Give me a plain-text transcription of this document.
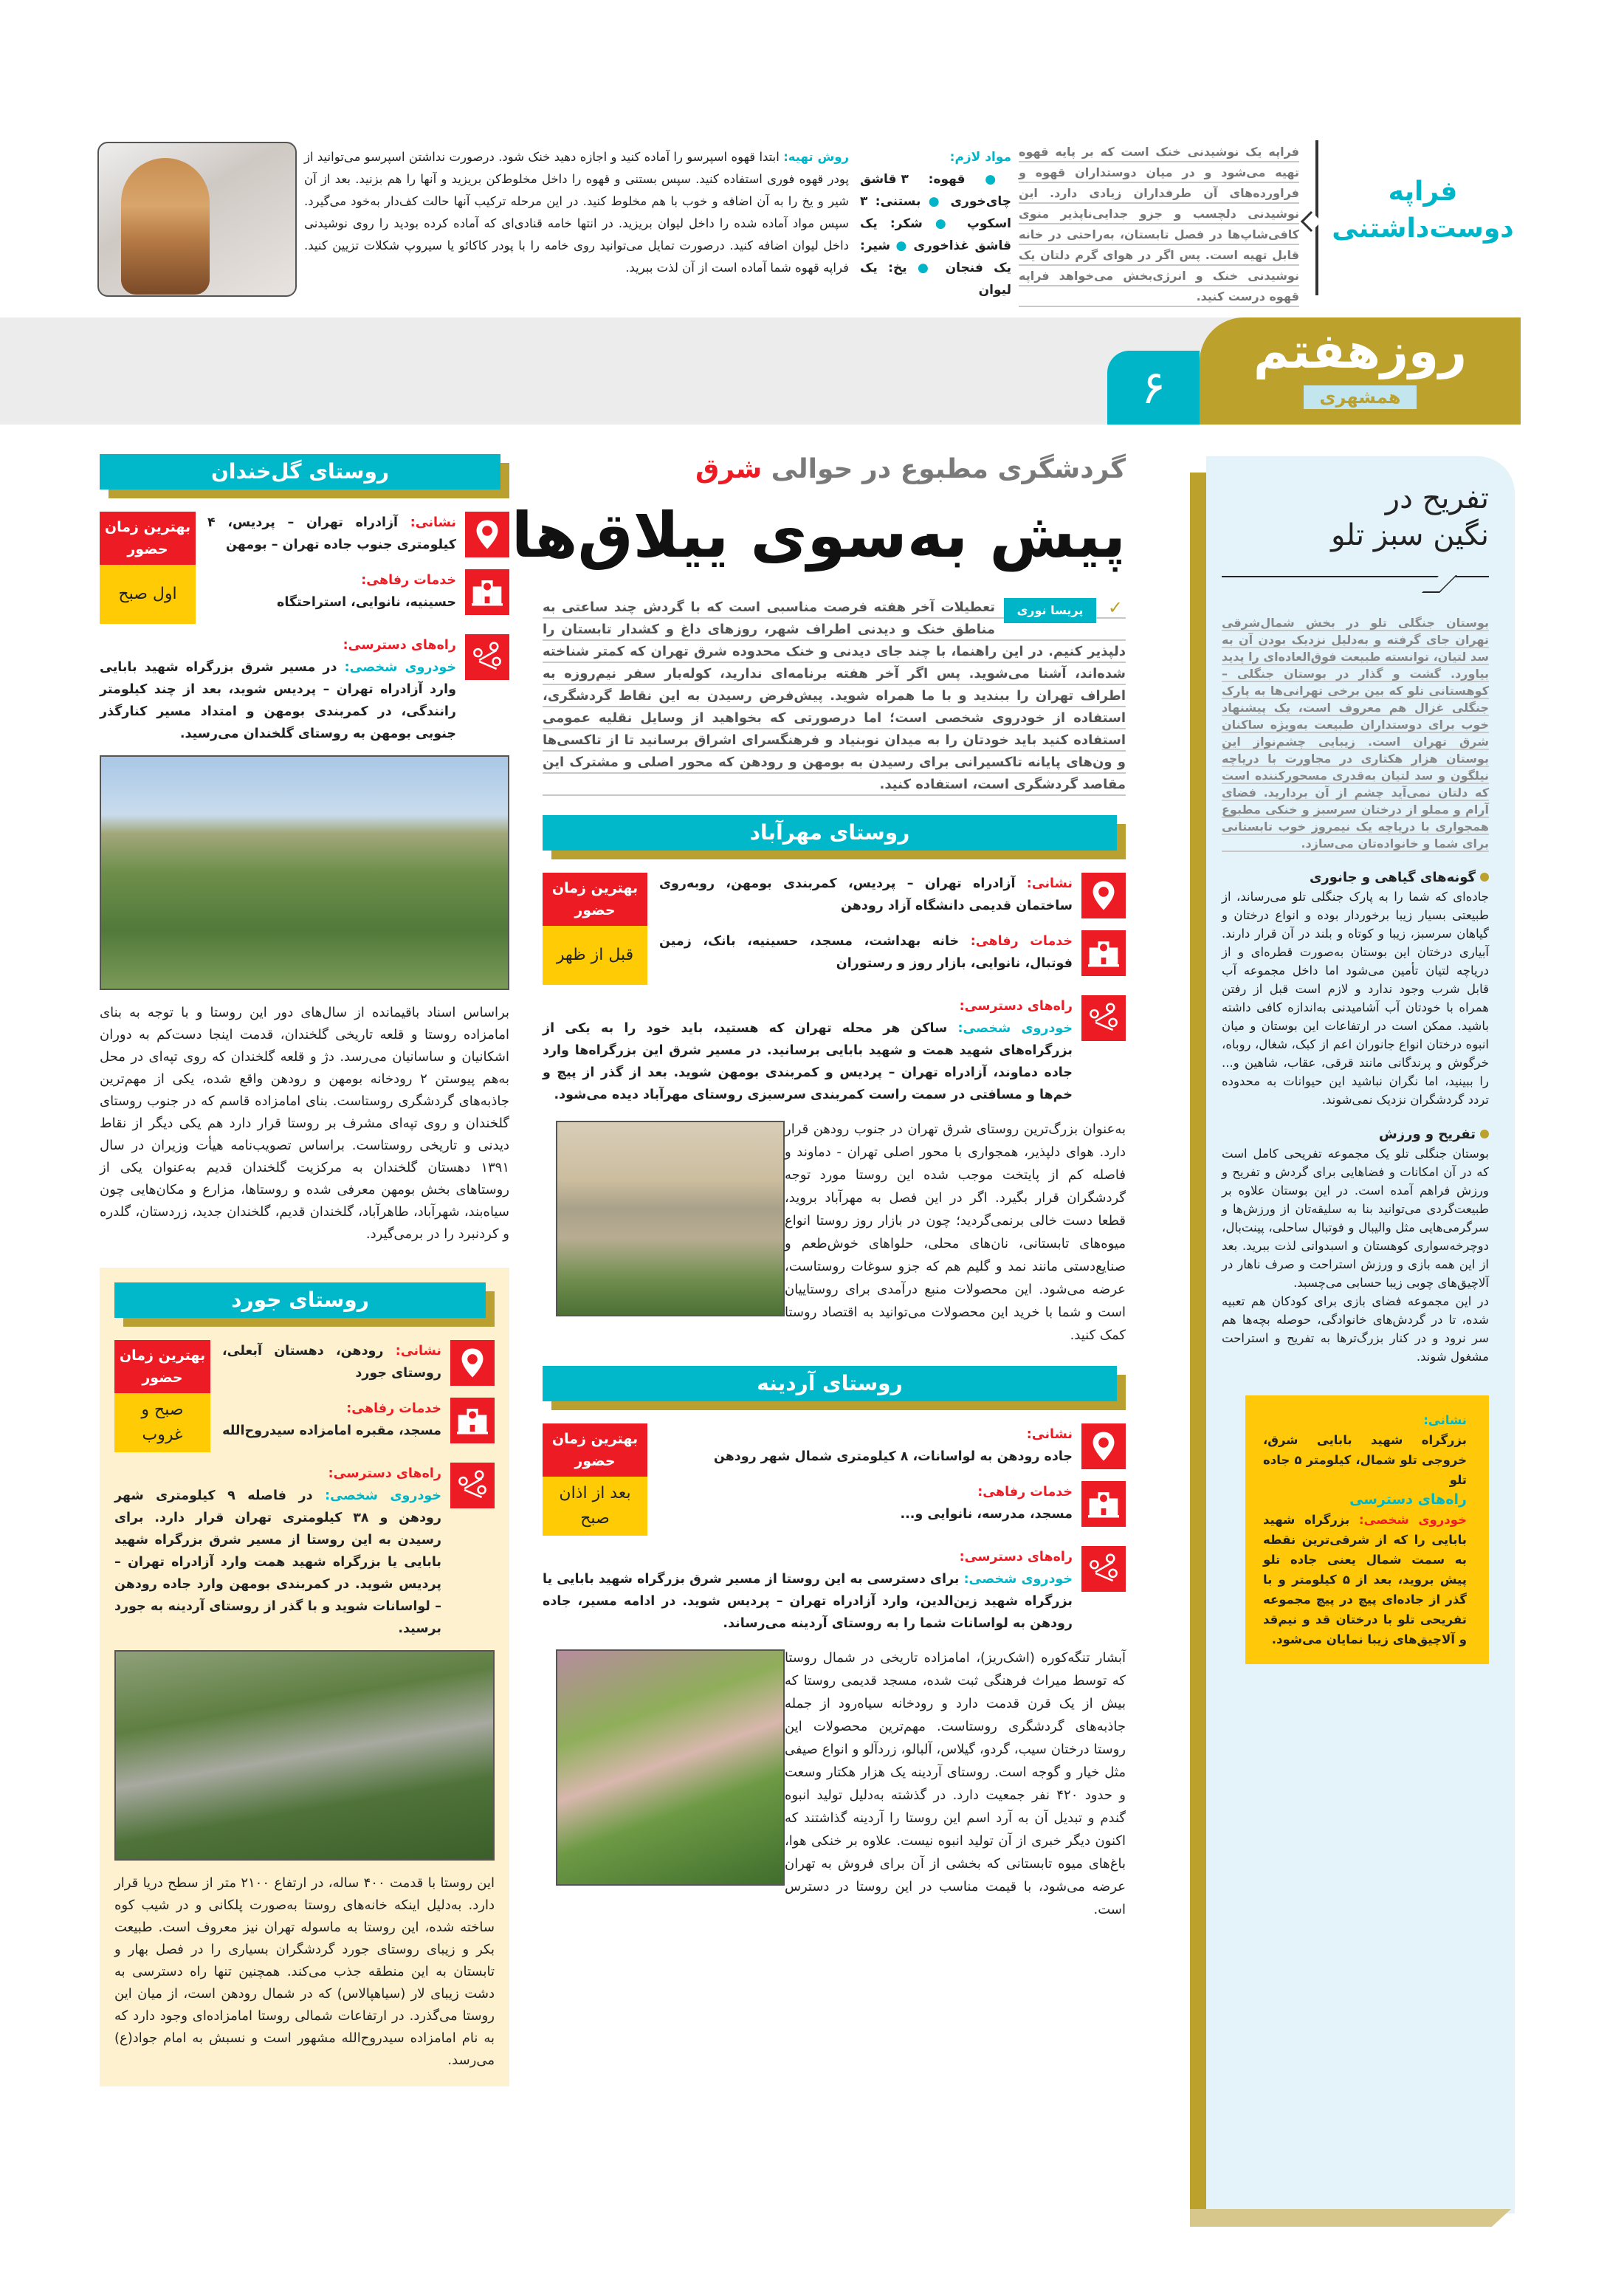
فراپه
دوست‌داشتنی

فراپه یک نوشیدنی خنک است که بر پایه قهوه تهیه می‌شود و در میان دوستداران قهوه و فراورده‌های آن طرفداران زیادی دارد. این نوشیدنی دلچسب و جزو جدایی‌ناپذیر منوی کافی‌شاپ‌ها در فصل تابستان، به‌راحتی در خانه قابل تهیه است. پس اگر در هوای گرم دلتان یک نوشیدنی خنک و انرژی‌بخش می‌خواهد فراپه قهوه درست کنید.

مواد لازم:
● قهوه: ۳ قاشق چای‌خوری ● بستنی: ۳ اسکوپ ● شکر: یک قاشق غذاخوری ● شیر: یک فنجان ● یخ: یک لیوان

روش تهیه: ابتدا قهوه اسپرسو را آماده کنید و اجازه دهید خنک شود. درصورت نداشتن اسپرسو می‌توانید از پودر قهوه فوری استفاده کنید. سپس بستنی و قهوه را داخل مخلوط‌کن بریزید و آنها را هم بزنید. بعد از آن شیر و یخ را به آن اضافه و خوب با هم مخلوط کنید. در این مرحله ترکیب آنها حالت کف‌دار به‌خود می‌گیرد. سپس مواد آماده شده را داخل لیوان بریزید. در انتها خامه قنادی‌ای که آماده کرده بودید را روی نوشیدنی داخل لیوان اضافه کنید. درصورت تمایل می‌توانید روی خامه را با پودر کاکائو یا سیروپ شکلات تزیین کنید. فراپه قهوه شما آماده است از آن لذت ببرید.

۶
روزهفتم
همشهری
تفریح در
نگین سبز تلو

بوستان جنگلی تلو در بخش شمال‌شرقی تهران جای گرفته و به‌دلیل نزدیک بودن آن به سد لتیان، توانسته طبیعت فوق‌العاده‌ای را پدید بیاورد. گشت و گذار در بوستان جنگلی – کوهستانی تلو که بین برخی تهرانی‌ها به پارک جنگلی غزال هم معروف است، یک پیشنهاد خوب برای دوستداران طبیعت به‌ویژه ساکنان شرق تهران است. زیبایی چشم‌نواز این بوستان هزار هکتاری در مجاورت با دریاچه نیلگون و سد لتیان به‌قدری مسحورکننده است که دلتان نمی‌آید چشم از آن بردارید. فضای آرام و مملو از درختان سرسبز و خنکی مطبوع همجواری با دریاچه یک نیمروز خوب تابستانی برای شما و خانواده‌تان می‌سازد.

گونه‌های گیاهی و جانوری

جاده‌ای که شما را به پارک جنگلی تلو می‌رساند، از طبیعتی بسیار زیبا برخوردار بوده و انواع درختان و گیاهان سرسبز، زیبا و کوتاه و بلند در آن قرار دارند. آبیاری درختان این بوستان به‌صورت قطره‌ای و از دریاچه لتیان تأمین می‌شود اما داخل مجموعه آب قابل شرب وجود ندارد و لازم است قبل از رفتن همراه با خودتان آب آشامیدنی به‌اندازه کافی داشته باشید. ممکن است در ارتفاعات این بوستان و میان انبوه درختان انواع جانوران اعم از کبک، شغال، روباه، خرگوش و پرندگانی مانند قرقی، عقاب، شاهین و... را ببینید، اما نگران نباشید این حیوانات به محدوده تردد گردشگران نزدیک نمی‌شوند.

تفریح و ورزش

بوستان جنگلی تلو یک مجموعه تفریحی کامل است که در آن امکانات و فضاهایی برای گردش و تفریح و ورزش فراهم آمده است. در این بوستان علاوه بر طبیعت‌گردی می‌توانید بنا به سلیقه‌تان از ورزش‌ها و سرگرمی‌هایی مثل والیبال و فوتبال ساحلی، پینت‌بال، دوچرخه‌سواری کوهستان و اسبدوانی لذت ببرید. بعد از این همه بازی و ورزش استراحت و صرف ناهار در آلاچیق‌های چوبی زیبا حسابی می‌چسبد.

در این مجموعه فضای بازی برای کودکان هم تعبیه شده، تا در گردش‌های خانوادگی، حوصله بچه‌ها هم سر نرود و در کنار بزرگ‌ترها به تفریح و استراحت مشغول شوند.

نشانی:
بزرگراه شهید بابایی شرق، خروجی تلو شمال، کیلومتر ۵ جاده تلو
راه‌های دسترسی
خودروی شخصی: بزرگراه شهید بابایی را که از شرقی‌ترین نقطه به سمت شمال یعنی جاده تلو پیش بروید، بعد از ۵ کیلومتر و با گذر از جاده‌ای پیچ در پیچ مجموعه تفریحی تلو با درختان قد و نیم‌قد و آلاچیق‌های زیبا نمایان می‌شود.
گردشگری مطبوع در حوالی شرق
پیش به‌سوی ییلاق‌ها
✓
پریسا نوری
تعطیلات آخر هفته فرصت مناسبی است که با گردش چند ساعتی به مناطق خنک و دیدنی اطراف شهر، روزهای داغ و کشدار تابستان را دلپذیر کنیم. در این راهنما، با چند جای دیدنی و خنک محدوده شرق تهران که کمتر شناخته شده‌اند، آشنا می‌شوید. پس اگر آخر هفته برنامه‌ای ندارید، کوله‌بار سفر نیم‌روزه به اطراف تهران را ببندید و با ما همراه شوید. پیش‌فرض رسیدن به این نقاط گردشگری، استفاده از خودروی شخصی است؛ اما درصورتی که بخواهید از وسایل نقلیه عمومی استفاده کنید باید خودتان را به میدان نوبنیاد و فرهنگسرای اشراق برسانید تا از تاکسی‌ها و ون‌های پایانه تاکسیرانی برای رسیدن به بومهن و رودهن که محور اصلی و مشترک این مقاصد گردشگری است، استفاده کنید.
روستای مهرآباد

نشانی: آزادراه تهران – پردیس، کمربندی بومهن، روبه‌روی ساختمان قدیمی دانشگاه آزاد رودهن

خدمات رفاهی: خانه بهداشت، مسجد، حسینیه، بانک، زمین فوتبال، نانوایی، بازار روز و رستوران

بهترین زمان حضور
قبل از ظهر

راه‌های دسترسی:
خودروی شخصی: ساکن هر محله تهران که هستید، باید خود را به یکی از بزرگراه‌های شهید همت و شهید بابایی برسانید. در مسیر شرق این بزرگراه‌ها وارد جاده دماوند، آزادراه تهران – پردیس و کمربندی بومهن شوید. بعد از گذر از پیچ و خم‌ها و مسافتی در سمت راست کمربندی سرسبزی روستای مهرآباد دیده می‌شود.

به‌عنوان بزرگ‌ترین روستای شرق تهران در جنوب رودهن قرار دارد. هوای دلپذیر، همجواری با محور اصلی تهران - دماوند و فاصله کم از پایتخت موجب شده این روستا مورد توجه گردشگران قرار بگیرد. اگر در این فصل به مهرآباد بروید، قطعا دست خالی برنمی‌گردید؛ چون در بازار روز روستا انواع میوه‌های تابستانی، نان‌های محلی، حلواهای خوش‌طعم و صنایع‌دستی مانند نمد و گلیم هم که جزو سوغات روستاست، عرضه می‌شود. این محصولات منبع درآمدی برای روستاییان است و شما با خرید این محصولات می‌توانید به اقتصاد روستا کمک کنید.
روستای آردینه

نشانی:
جاده رودهن به لواسانات، ۸ کیلومتری شمال شهر رودهن

خدمات رفاهی:
مسجد، مدرسه، نانوایی و...

بهترین زمان حضور
بعد از اذان صبح

راه‌های دسترسی:
خودروی شخصی: برای دسترسی به این روستا از مسیر شرق بزرگراه شهید بابایی یا بزرگراه شهید زین‌الدین، وارد آزادراه تهران – پردیس شوید. در ادامه مسیر، جاده رودهن به لواسانات شما را به روستای آردینه می‌رساند.

آبشار تنگه‌کوره (اشک‌ریز)، امامزاده تاریخی در شمال روستا که توسط میراث فرهنگی ثبت شده، مسجد قدیمی روستا که بیش از یک قرن قدمت دارد و رودخانه سیاه‌رود از جمله جاذبه‌های گردشگری روستاست. مهم‌ترین محصولات این روستا درختان سیب، گردو، گیلاس، آلبالو، زردآلو و انواع صیفی مثل خیار و گوجه است. روستای آردینه یک هزار هکتار وسعت و حدود ۴۲۰ نفر جمعیت دارد. در گذشته به‌دلیل تولید انبوه گندم و تبدیل آن به آرد اسم این روستا را آردینه گذاشتند که اکنون دیگر خبری از آن تولید انبوه نیست. علاوه بر خنکی هوا، باغ‌های میوه تابستانی که بخشی از آن برای فروش به تهران عرضه می‌شود، با قیمت مناسب در این روستا در دسترس است.
روستای گل‌خندان

نشانی: آزادراه تهران – پردیس، ۴ کیلومتری جنوب جاده تهران – بومهن

خدمات رفاهی:
حسینیه، نانوایی، استراحتگاه

بهترین زمان حضور
اول صبح

راه‌های دسترسی:
خودروی شخصی: در مسیر شرق بزرگراه شهید بابایی وارد آزادراه تهران – پردیس شوید، بعد از چند کیلومتر رانندگی، در کمربندی بومهن و امتداد مسیر کنارگذر جنوبی بومهن به روستای گلخندان می‌رسید.

براساس اسناد باقیمانده از سال‌های دور این روستا و با توجه به بنای امامزاده روستا و قلعه تاریخی گلخندان، قدمت اینجا دست‌کم به دوران اشکانیان و ساسانیان می‌رسد. دژ و قلعه گلخندان که روی تپه‌ای در محل به‌هم پیوستن ۲ رودخانه بومهن و رودهن واقع شده، یکی از مهم‌ترین جاذبه‌های گردشگری روستاست. بنای امامزاده قاسم که در جنوب روستای گلخندان و روی تپه‌ای مشرف بر روستا قرار دارد هم یکی دیگر از نقاط دیدنی و تاریخی روستاست. براساس تصویب‌نامه هیأت وزیران در سال ۱۳۹۱ دهستان گلخندان به مرکزیت گلخندان قدیم به‌عنوان یکی از روستاهای بخش بومهن معرفی شده و روستاها، مزارع و مکان‌هایی چون سیاه‌بند، شهرآباد، طاهرآباد، گلخندان قدیم، گلخندان جدید، زردستان، گلدره و کردنبرد را در برمی‌گیرد.

روستای جورد

نشانی: رودهن، دهستان آبعلی، روستای جورد

خدمات رفاهی:
مسجد، مقبره امامزاده سیدروح‌الله

بهترین زمان حضور
صبح و غروب

راه‌های دسترسی:
خودروی شخصی: در فاصله ۹ کیلومتری شهر رودهن و ۳۸ کیلومتری تهران قرار دارد. برای رسیدن به این روستا از مسیر شرق بزرگراه شهید بابایی یا بزرگراه شهید همت وارد آزادراه تهران – پردیس شوید. در کمربندی بومهن وارد جاده رودهن – لواسانات شوید و با گذر از روستای آردینه به جورد برسید.

این روستا با قدمت ۴۰۰ ساله، در ارتفاع ۲۱۰۰ متر از سطح دریا قرار دارد. به‌دلیل اینکه خانه‌های روستا به‌صورت پلکانی و در شیب کوه ساخته شده، این روستا به ماسوله تهران نیز معروف است. طبیعت بکر و زیبای روستای جورد گردشگران بسیاری را در فصل بهار و تابستان به این منطقه جذب می‌کند. همچنین تنها راه دسترسی به دشت زیبای لار (سیاهپالاس) که در شمال رودهن است، از میان این روستا می‌گذرد. در ارتفاعات شمالی روستا امامزاده‌ای وجود دارد که به نام امامزاده سیدروح‌الله مشهور است و نسبش به امام جواد(ع) می‌رسد.
